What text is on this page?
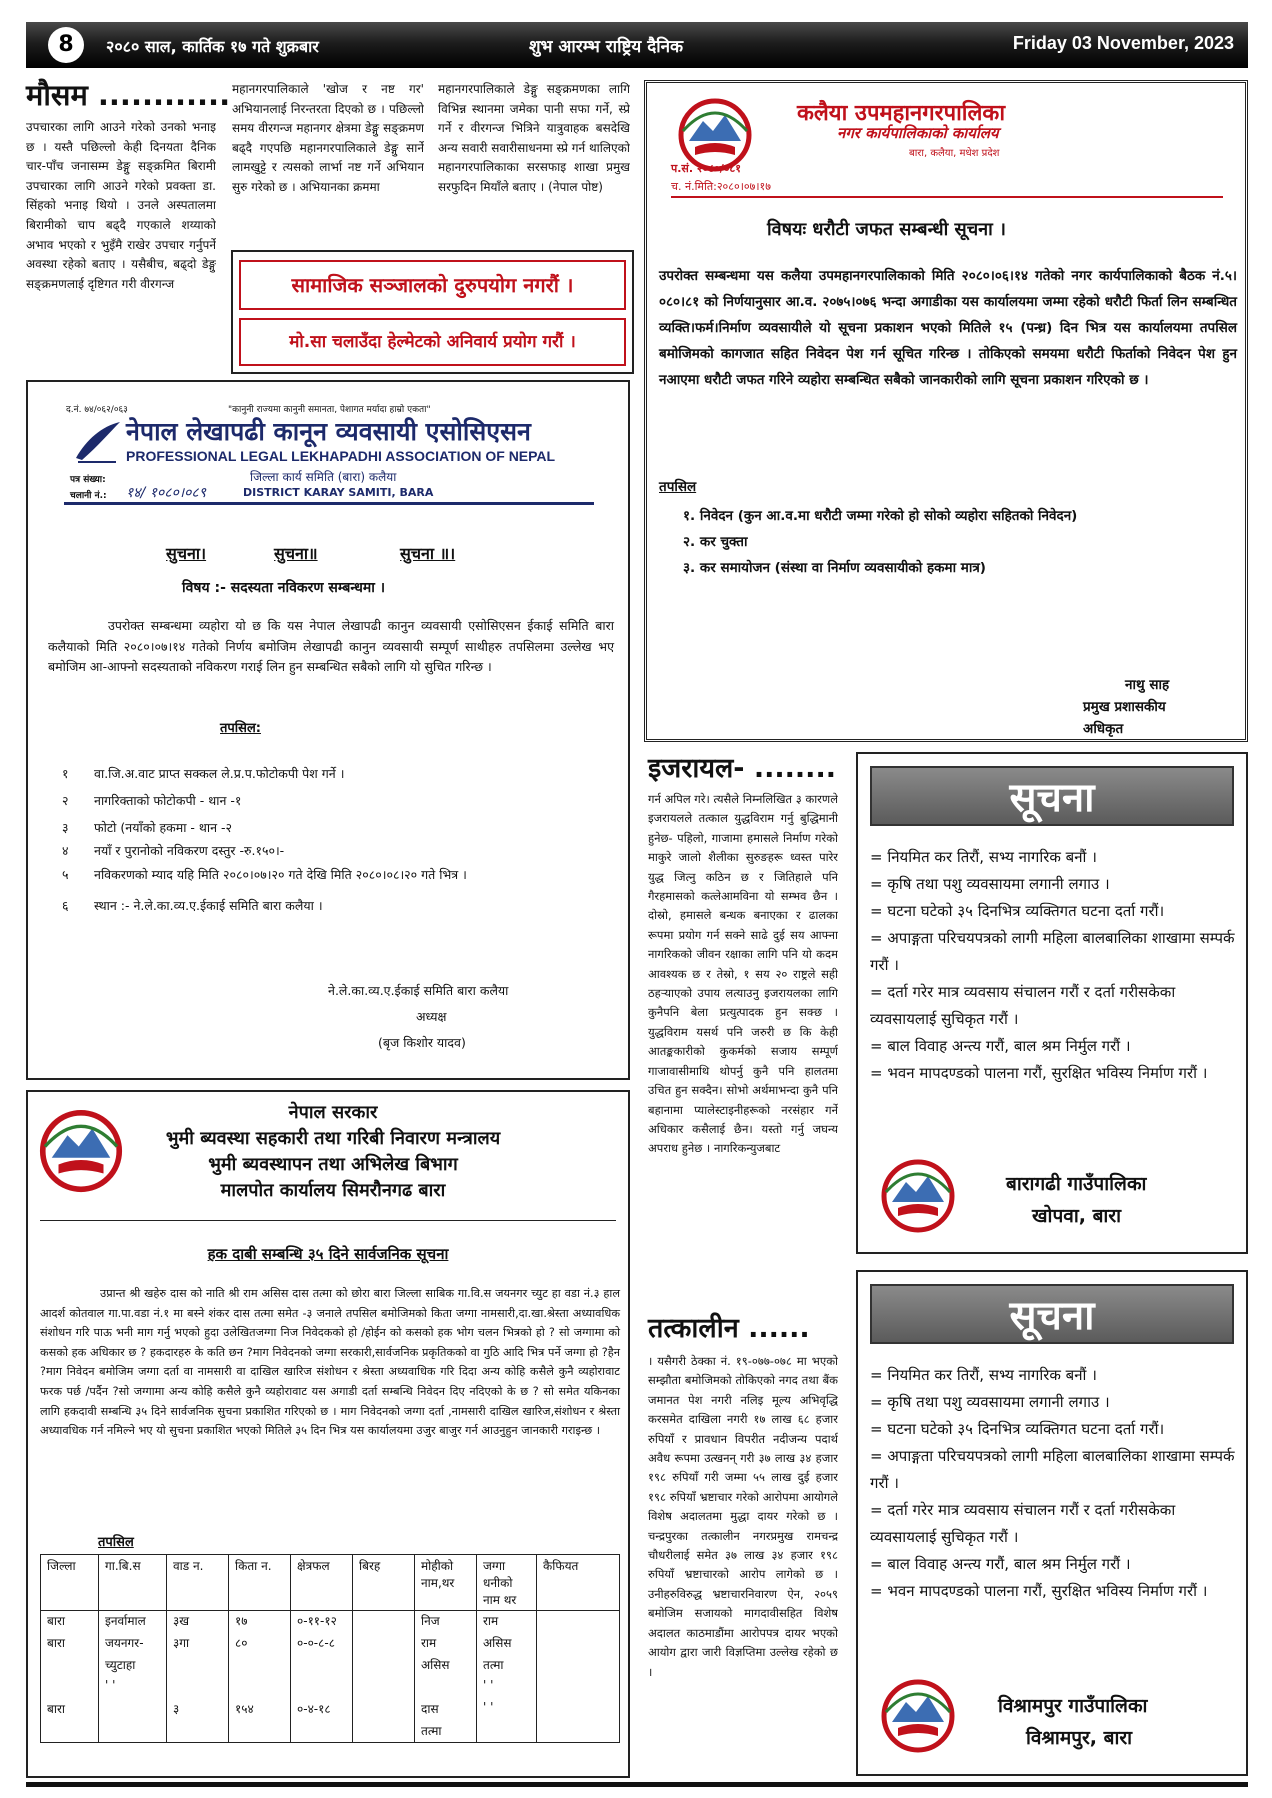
8	२०८० साल, कार्तिक १७ गते शुक्रबार	शुभ आरम्भ राष्ट्रिय दैनिक	Friday 03 November, 2023
मौसम ............
उपचारका लागि आउने गरेको उनको भनाइ छ । यस्तै पछिल्लो केही दिनयता दैनिक चार-पाँच जनासम्म डेङ्गु सङ्क्रमित बिरामी उपचारका लागि आउने गरेको प्रवक्ता डा. सिंहको भनाइ थियो । उनले अस्पतालमा बिरामीको चाप बढ्दै गएकाले शय्याको अभाव भएको र भुइँमै राखेर उपचार गर्नुपर्ने अवस्था रहेको बताए । यसैबीच, बढ्दो डेङ्गु सङ्क्रमणलाई दृष्टिगत गरी वीरगन्ज
महानगरपालिकाले 'खोज र नष्ट गर' अभियानलाई निरन्तरता दिएको छ । पछिल्लो समय वीरगन्ज महानगर क्षेत्रमा डेङ्गु सङ्क्रमण बढ्दै गएपछि महानगरपालिकाले डेङ्गु सार्ने लामखुट्टे र त्यसको लार्भा नष्ट गर्ने अभियान सुरु गरेको छ । अभियानका क्रममा
महानगरपालिकाले डेङ्गु सङ्क्रमणका लागि विभिन्न स्थानमा जमेका पानी सफा गर्ने, स्प्रे गर्ने र वीरगन्ज भित्रिने यात्रुवाहक बसदेखि अन्य सवारी सवारीसाधनमा स्प्रे गर्न थालिएको महानगरपालिकाका सरसफाइ शाखा प्रमुख सरफुदिन मियाँले बताए । (नेपाल पोष्ट)
सामाजिक सञ्जालको दुरुपयोग नगरौं ।
मो.सा चलाउँदा हेल्मेटको अनिवार्य प्रयोग गरौं ।
द.नं. ७४/०६२/०६३	"कानुनी राज्यमा कानुनी समानता, पेशागत मर्यादा हाम्रो एकता"
नेपाल लेखापढी कानून व्यवसायी एसोसिएसन
PROFESSIONAL LEGAL LEKHAPADHI ASSOCIATION OF NEPAL
जिल्ला कार्य समिति (बारा) कलैया
पत्र संख्या:
चलानी नं.: १४/ १०८०।०८९	DISTRICT KARAY SAMITI, BARA
सुचना।	सुचना॥	सुचना ॥।
विषय :- सदस्यता नविकरण सम्बन्धमा ।
उपरोक्त सम्बन्धमा व्यहोरा यो छ कि यस नेपाल लेखापढी कानुन व्यवसायी एसोसिएसन ईकाई समिति बारा कलैयाको मिति २०८०।०७।१४ गतेको निर्णय बमोजिम लेखापढी कानुन व्यवसायी सम्पूर्ण साथीहरु तपसिलमा उल्लेख भए बमोजिम आ-आफ्नो सदस्यताको नविकरण गराई लिन हुन सम्बन्धित सबैको लागि यो सुचित गरिन्छ ।
तपसिल:
१ वा.जि.अ.वाट प्राप्त सक्कल ले.प्र.प.फोटोकपी पेश गर्ने ।
२ नागरिक्ताको फोटोकपी - थान -१
३ फोटो (नयाँको हकमा - थान -२
४ नयाँ र पुरानोको नविकरण दस्तुर -रु.१५०।-
५ नविकरणको म्याद यहि मिति २०८०।०७।२० गते देखि मिति २०८०।०८।२० गते भित्र ।
६ स्थान :- ने.ले.का.व्य.ए.ईकाई समिति बारा कलैया ।
ने.ले.का.व्य.ए.ईकाई समिति बारा कलैया
अध्यक्ष
(बृज किशोर यादव)
कलैया उपमहानगरपालिका
नगर कार्यपालिकाको कार्यालय
बारा, कलैया, मधेश प्रदेश
प.सं. २०८०/०८१
च. नं.मिति:२०८०।०७।१७
विषयः धरौटी जफत सम्बन्धी सूचना ।
उपरोक्त सम्बन्धमा यस कलैया उपमहानगरपालिकाको मिति २०८०।०६।१४ गतेको नगर कार्यपालिकाको बैठक नं.५।०८०।८१ को निर्णयानुसार आ.व. २०७५।०७६ भन्दा अगाडीका यस कार्यालयमा जम्मा रहेको धरौटी फिर्ता लिन सम्बन्धित व्यक्ति।फर्म।निर्माण व्यवसायीले यो सूचना प्रकाशन भएको मितिले १५ (पन्ध्र) दिन भित्र यस कार्यालयमा तपसिल बमोजिमको कागजात सहित निवेदन पेश गर्न सूचित गरिन्छ । तोकिएको समयमा धरौटी फिर्ताको निवेदन पेश हुन नआएमा धरौटी जफत गरिने व्यहोरा सम्बन्धित सबैको जानकारीको लागि सूचना प्रकाशन गरिएको छ ।
तपसिल
१. निवेदन (कुन आ.व.मा धरौटी जम्मा गरेको हो सोको व्यहोरा सहितको निवेदन)
२. कर चुक्ता
३. कर समायोजन (संस्था वा निर्माण व्यवसायीको हकमा मात्र)
नाथु साह
प्रमुख प्रशासकीय
अधिकृत
इजरायल- ........
गर्न अपिल गरे। त्यसैले निम्नलिखित ३ कारणले इजरायलले तत्काल युद्धविराम गर्नु बुद्धिमानी हुनेछ- पहिलो, गाजामा हमासले निर्माण गरेको माकुरे जालो शैलीका सुरुङहरू ध्वस्त पारेर युद्ध जित्नु कठिन छ र जितिहाले पनि गैरहमासको कत्लेआमविना यो सम्भव छैन । दोस्रो, हमासले बन्धक बनाएका र ढालका रूपमा प्रयोग गर्न सक्ने साढे दुई सय आफ्ना नागरिकको जीवन रक्षाका लागि पनि यो कदम आवश्यक छ र तेस्रो, १ सय २० राष्ट्रले सही ठहऱ्याएको उपाय लत्याउनु इजरायलका लागि कुनैपनि बेला प्रत्युत्पादक हुन सक्छ । युद्धविराम यसर्थ पनि जरुरी छ कि केही आतङ्ककारीको कुकर्मको सजाय सम्पूर्ण गाजावासीमाथि थोपर्नु कुनै पनि हालतमा उचित हुन सक्दैन। सोभो अर्थमाभन्दा कुनै पनि बहानामा प्यालेस्टाइनीहरूको नरसंहार गर्ने अधिकार कसैलाई छैन। यस्तो गर्नु जघन्य अपराध हुनेछ । नागरिकन्युजबाट
तत्कालीन ......
। यसैगरी ठेक्का नं. १९-०७७-०७८ मा भएको सम्झौता बमोजिमको तोकिएको नगद तथा बैंक जमानत पेश नगरी नलिइ मूल्य अभिवृद्धि करसमेत दाखिला नगरी १७ लाख ६८ हजार रुपियाँ र प्रावधान विपरीत नदीजन्य पदार्थ अवैध रूपमा उत्खनन् गरी ३७ लाख ३४ हजार १९८ रुपियाँ गरी जम्मा ५५ लाख दुई हजार १९८ रुपियाँ भ्रष्टाचार गरेको आरोपमा आयोगले विशेष अदालतमा मुद्धा दायर गरेको छ । चन्द्रपुरका तत्कालीन नगरप्रमुख रामचन्द्र चौधरीलाई समेत ३७ लाख ३४ हजार १९८ रुपियाँ भ्रष्टाचारको आरोप लागेको छ । उनीहरुविरुद्ध भ्रष्टाचारनिवारण ऐन, २०५९ बमोजिम सजायको मागदावीसहित विशेष अदालत काठमाडौंमा आरोपपत्र दायर भएको आयोग द्वारा जारी विज्ञप्तिमा उल्लेख रहेको छ ।
सूचना
= नियमित कर तिरौं, सभ्य नागरिक बनौं ।
= कृषि तथा पशु व्यवसायमा लगानी लगाउ ।
= घटना घटेको ३५ दिनभित्र व्यक्तिगत घटना दर्ता गरौं।
= अपाङ्गता परिचयपत्रको लागी महिला बालबालिका शाखामा सम्पर्क गरौं ।
= दर्ता गरेर मात्र व्यवसाय संचालन गरौं र दर्ता गरीसकेका व्यवसायलाई सुचिकृत गरौं ।
= बाल विवाह अन्त्य गरौं, बाल श्रम निर्मुल गरौं ।
= भवन मापदण्डको पालना गरौं, सुरक्षित भविस्य निर्माण गरौं ।
बारागढी गाउँपालिका
खोपवा, बारा
सूचना
= नियमित कर तिरौं, सभ्य नागरिक बनौं ।
= कृषि तथा पशु व्यवसायमा लगानी लगाउ ।
= घटना घटेको ३५ दिनभित्र व्यक्तिगत घटना दर्ता गरौं।
= अपाङ्गता परिचयपत्रको लागी महिला बालबालिका शाखामा सम्पर्क गरौं ।
= दर्ता गरेर मात्र व्यवसाय संचालन गरौं र दर्ता गरीसकेका व्यवसायलाई सुचिकृत गरौं ।
= बाल विवाह अन्त्य गरौं, बाल श्रम निर्मुल गरौं ।
= भवन मापदण्डको पालना गरौं, सुरक्षित भविस्य निर्माण गरौं ।
विश्रामपुर गाउँपालिका
विश्रामपुर, बारा
नेपाल सरकार
भुमी ब्यवस्था सहकारी तथा गरिबी निवारण मन्त्रालय
भुमी ब्यवस्थापन तथा अभिलेख बिभाग
मालपोत कार्यालय सिमरौनगढ बारा
हक दाबी सम्बन्धि ३५ दिने सार्वजनिक सूचना
उप्रान्त श्री खहेरु दास को नाति श्री राम असिस दास तत्मा को छोरा बारा जिल्ला साबिक गा.वि.स जयनगर च्युट हा वडा नं.३ हाल आदर्श कोतवाल गा.पा.वडा नं.१ मा बस्ने शंकर दास तत्मा समेत -३ जनाले तपसिल बमोजिमको किता जग्गा नामसारी,दा.खा.श्रेस्ता अध्यावधिक संशोधन गरि पाऊ भनी माग गर्नु भएको हुदा उलेखितजग्गा निज निवेदकको हो /होईन को कसको हक भोग चलन भित्रको हो ? सो जग्गामा को कसको हक अधिकार छ ? हकदारहरु के कति छन ?माग निवेदनको जग्गा सरकारी,सार्वजनिक प्रकृतिकको वा गुठि आदि भित्र पर्ने जग्गा हो ?हैन ?माग निवेदन बमोजिम जग्गा दर्ता वा नामसारी वा दाखिल खारिज संशोधन र श्रेस्ता अध्यवाधिक गरि दिदा अन्य कोहि कसैले कुनै व्यहोरावाट फरक पर्छ /पर्दैन ?सो जग्गामा अन्य कोहि कसैले कुनै व्यहोरावाट यस अगाडी दर्ता सम्बन्धि निवेदन दिए नदिएको के छ ? सो समेत यकिनका लागि हकदावी सम्बन्धि ३५ दिने सार्वजनिक सुचना प्रकाशित गरिएको छ । माग निवेदनको जग्गा दर्ता ,नामसारी दाखिल खारिज,संशोधन र श्रेस्ता अध्यावधिक गर्न नमिल्ने भए यो सुचना प्रकाशित भएको मितिले ३५ दिन भित्र यस कार्यालयमा उजुर बाजुर गर्न आउनुहुन जानकारी गराइन्छ ।
तपसिल
जिल्ला	गा.बि.स	वाड न.	किता न.	क्षेत्रफल	बिरह	मोहीको नाम,थर	जग्गा धनीको नाम थर	कैफियत
बारा	इनर्वामाल	३ख	१७	०-११-१२		निज	राम	
बारा	जयनगर-	३गा	८०	०-०-८-८		राम	असिस	
	च्युटाहा					असिस	तत्मा	
	' '						' '	
बारा		३	१५४	०-४-१८		दास	' '	
						तत्मा		
